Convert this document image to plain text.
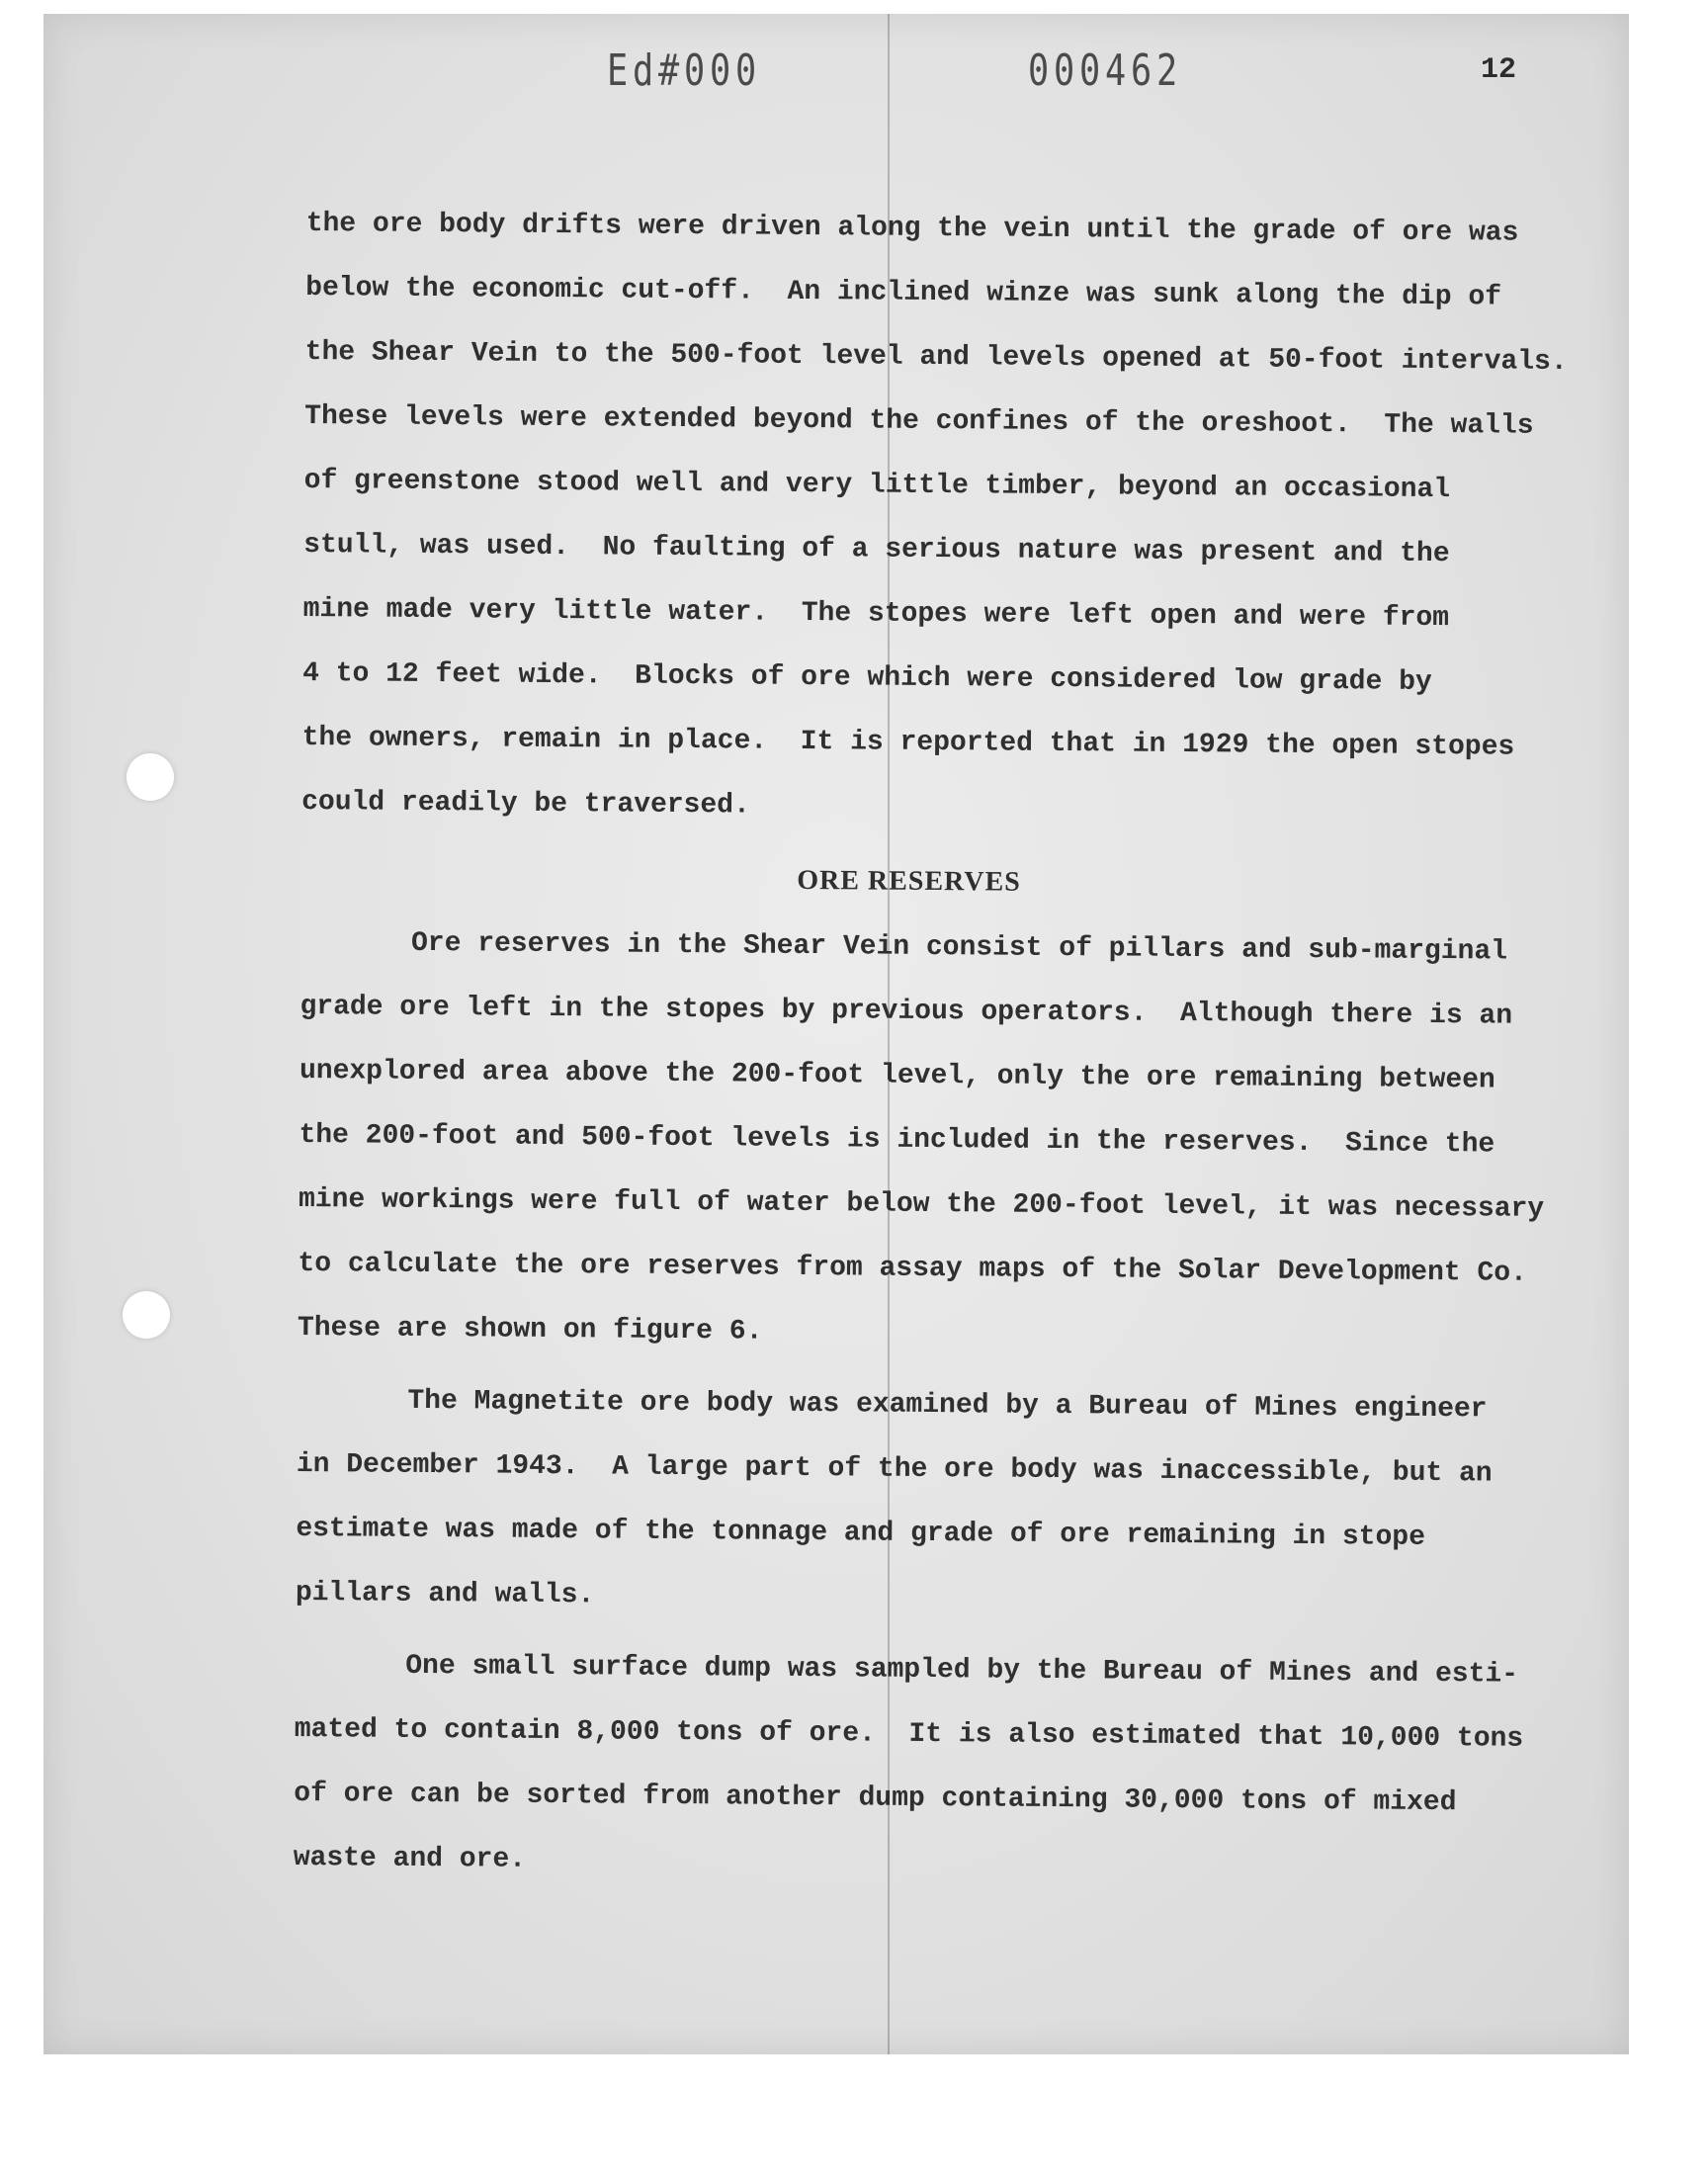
Ed#000	000462	12
the ore body drifts were driven along the vein until the grade of ore was
below the economic cut-off.  An inclined winze was sunk along the dip of
the Shear Vein to the 500-foot level and levels opened at 50-foot intervals.
These levels were extended beyond the confines of the oreshoot.  The walls
of greenstone stood well and very little timber, beyond an occasional
stull, was used.  No faulting of a serious nature was present and the
mine made very little water.  The stopes were left open and were from
4 to 12 feet wide.  Blocks of ore which were considered low grade by
the owners, remain in place.  It is reported that in 1929 the open stopes
could readily be traversed.
ORE RESERVES
Ore reserves in the Shear Vein consist of pillars and sub-marginal
grade ore left in the stopes by previous operators.  Although there is an
unexplored area above the 200-foot level, only the ore remaining between
the 200-foot and 500-foot levels is included in the reserves.  Since the
mine workings were full of water below the 200-foot level, it was necessary
to calculate the ore reserves from assay maps of the Solar Development Co.
These are shown on figure 6.
The Magnetite ore body was examined by a Bureau of Mines engineer
in December 1943.  A large part of the ore body was inaccessible, but an
estimate was made of the tonnage and grade of ore remaining in stope
pillars and walls.
One small surface dump was sampled by the Bureau of Mines and esti-
mated to contain 8,000 tons of ore.  It is also estimated that 10,000 tons
of ore can be sorted from another dump containing 30,000 tons of mixed
waste and ore.
